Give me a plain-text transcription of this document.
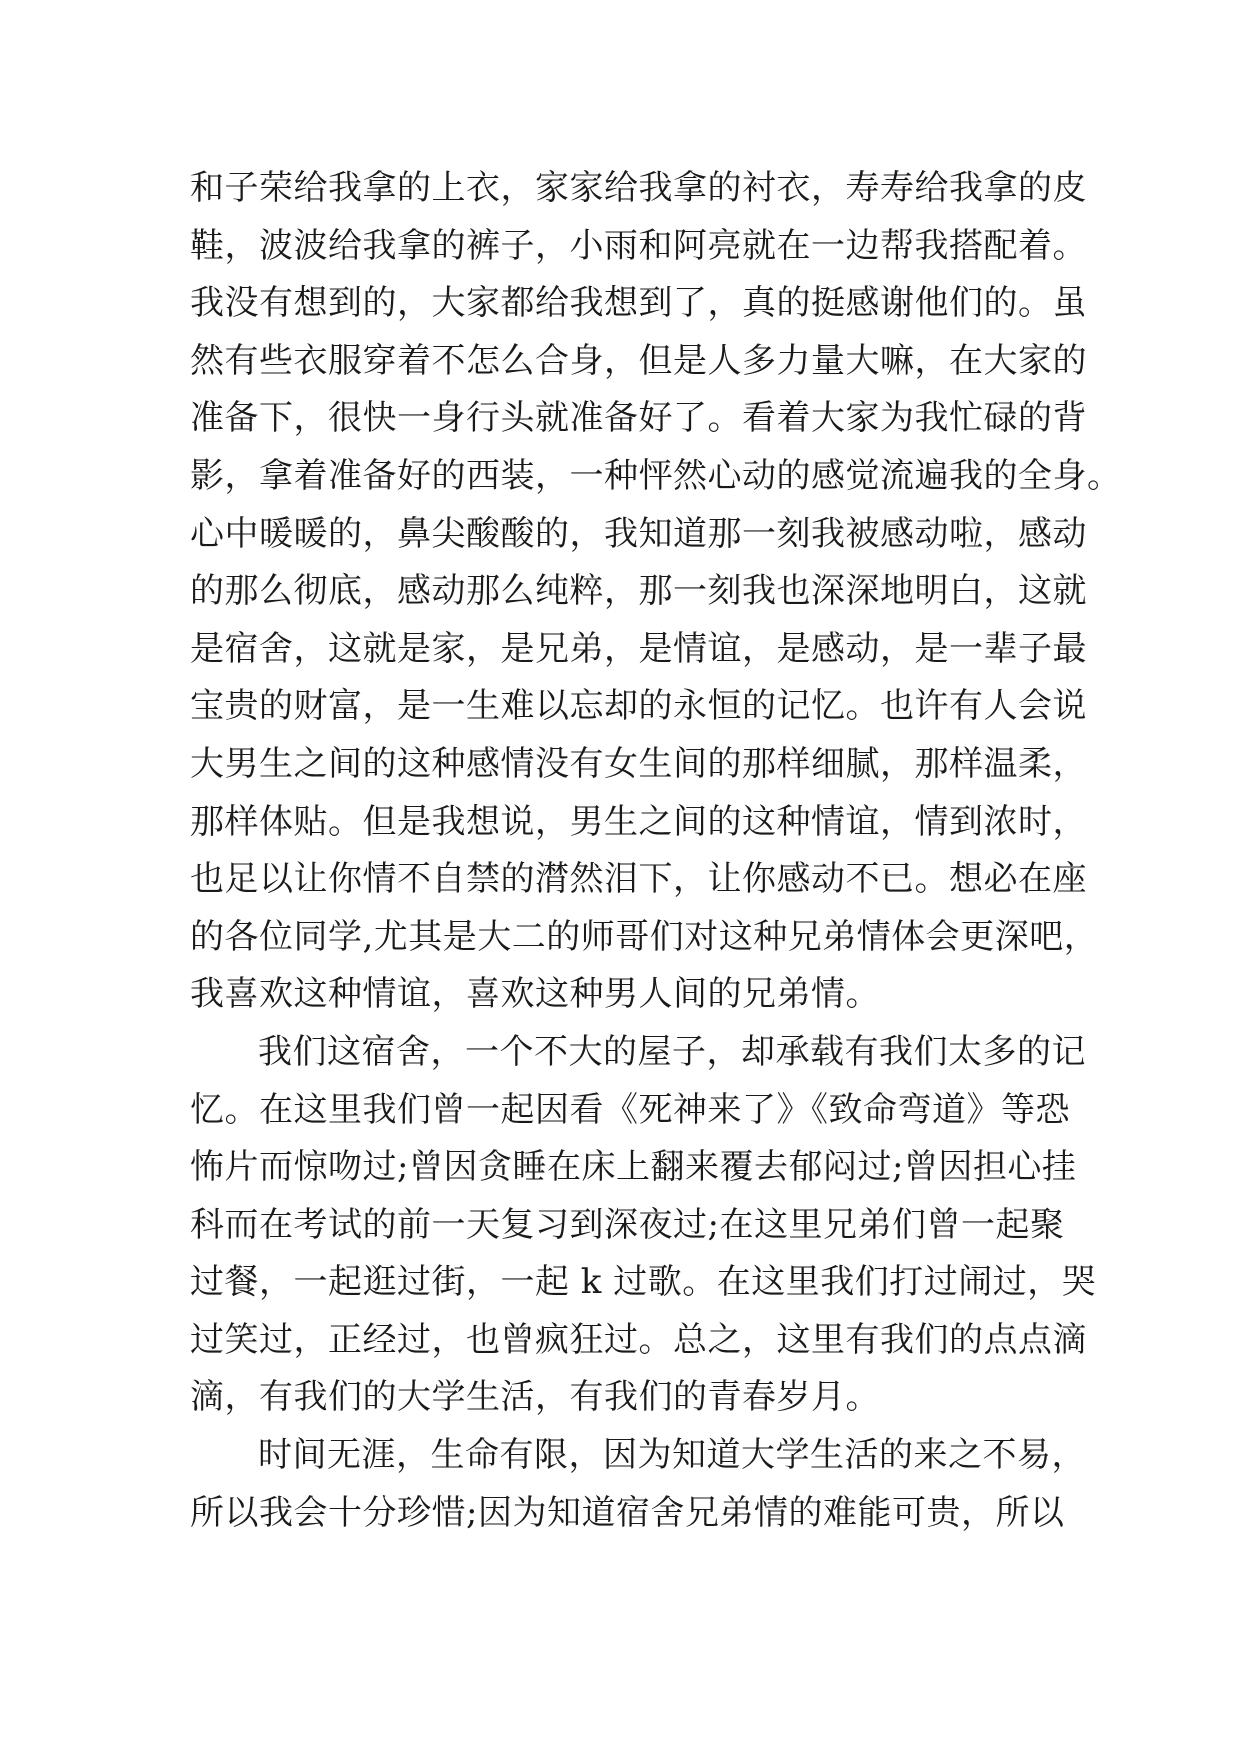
和子荣给我拿的上衣，家家给我拿的衬衣，寿寿给我拿的皮
鞋，波波给我拿的裤子，小雨和阿亮就在一边帮我搭配着。
我没有想到的，大家都给我想到了，真的挺感谢他们的。虽
然有些衣服穿着不怎么合身，但是人多力量大嘛，在大家的
准备下，很快一身行头就准备好了。看着大家为我忙碌的背
影，拿着准备好的西装，一种怦然心动的感觉流遍我的全身。
心中暖暖的，鼻尖酸酸的，我知道那一刻我被感动啦，感动
的那么彻底，感动那么纯粹，那一刻我也深深地明白，这就
是宿舍，这就是家，是兄弟，是情谊，是感动，是一辈子最
宝贵的财富，是一生难以忘却的永恒的记忆。也许有人会说
大男生之间的这种感情没有女生间的那样细腻，那样温柔，
那样体贴。但是我想说，男生之间的这种情谊，情到浓时，
也足以让你情不自禁的潸然泪下，让你感动不已。想必在座
的各位同学,尤其是大二的师哥们对这种兄弟情体会更深吧，
我喜欢这种情谊，喜欢这种男人间的兄弟情。
我们这宿舍，一个不大的屋子，却承载有我们太多的记
忆。在这里我们曾一起因看《死神来了》《致命弯道》等恐
怖片而惊吻过;曾因贪睡在床上翻来覆去郁闷过;曾因担心挂
科而在考试的前一天复习到深夜过;在这里兄弟们曾一起聚
过餐，一起逛过街，一起 k 过歌。在这里我们打过闹过，哭
过笑过，正经过，也曾疯狂过。总之，这里有我们的点点滴
滴，有我们的大学生活，有我们的青春岁月。
时间无涯，生命有限，因为知道大学生活的来之不易，
所以我会十分珍惜;因为知道宿舍兄弟情的难能可贵，所以
